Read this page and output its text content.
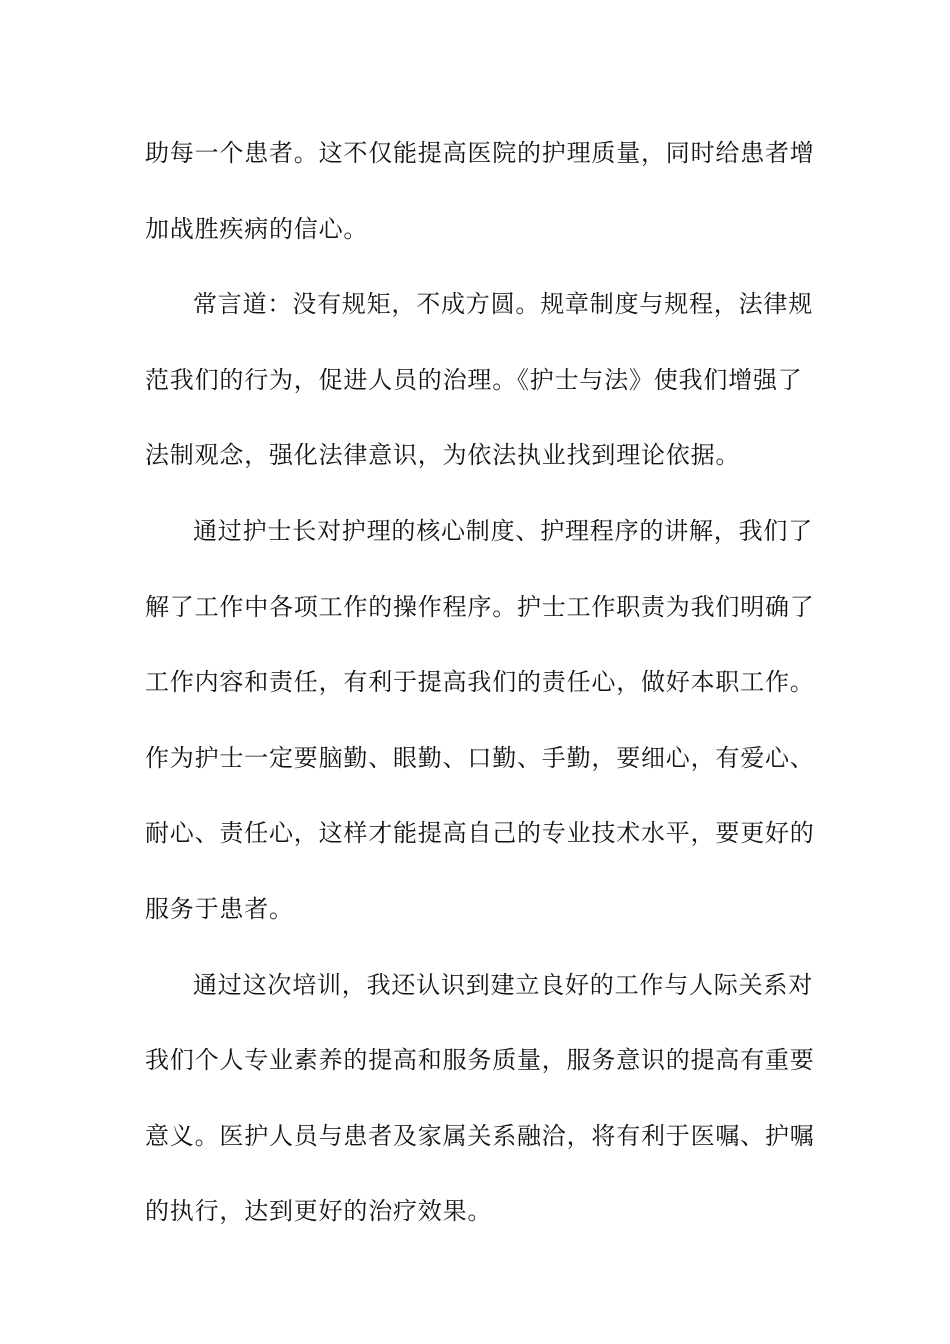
助每一个患者。这不仅能提高医院的护理质量，同时给患者增
加战胜疾病的信心。
常言道：没有规矩，不成方圆。规章制度与规程，法律规
范我们的行为，促进人员的治理。《护士与法》使我们增强了
法制观念，强化法律意识，为依法执业找到理论依据。
通过护士长对护理的核心制度、护理程序的讲解，我们了
解了工作中各项工作的操作程序。护士工作职责为我们明确了
工作内容和责任，有利于提高我们的责任心，做好本职工作。
作为护士一定要脑勤、眼勤、口勤、手勤，要细心，有爱心、
耐心、责任心，这样才能提高自己的专业技术水平，要更好的
服务于患者。
通过这次培训，我还认识到建立良好的工作与人际关系对
我们个人专业素养的提高和服务质量，服务意识的提高有重要
意义。医护人员与患者及家属关系融洽，将有利于医嘱、护嘱
的执行，达到更好的治疗效果。
